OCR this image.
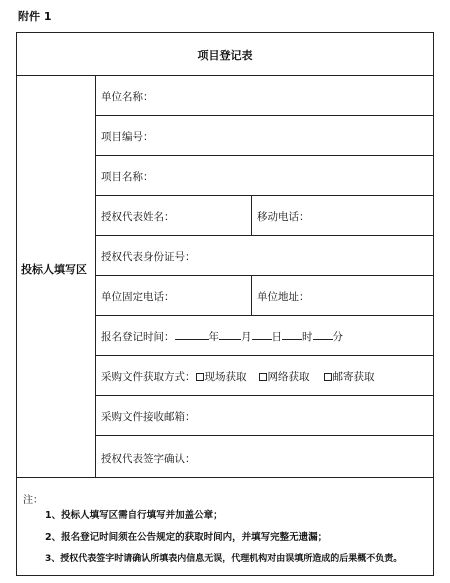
附件 1
项目登记表
投标人填写区
单位名称：
项目编号：
项目名称：
授权代表姓名：	移动电话：
授权代表身份证号：
单位固定电话：	单位地址：
报名登记时间：	年 月 日 时 分
采购文件获取方式： 现场获取 网络获取 邮寄获取
采购文件接收邮箱：
授权代表签字确认：
注：
1、投标人填写区需自行填写并加盖公章；
2、报名登记时间须在公告规定的获取时间内，并填写完整无遗漏；
3、授权代表签字时请确认所填表内信息无误，代理机构对由误填所造成的后果概不负责。
